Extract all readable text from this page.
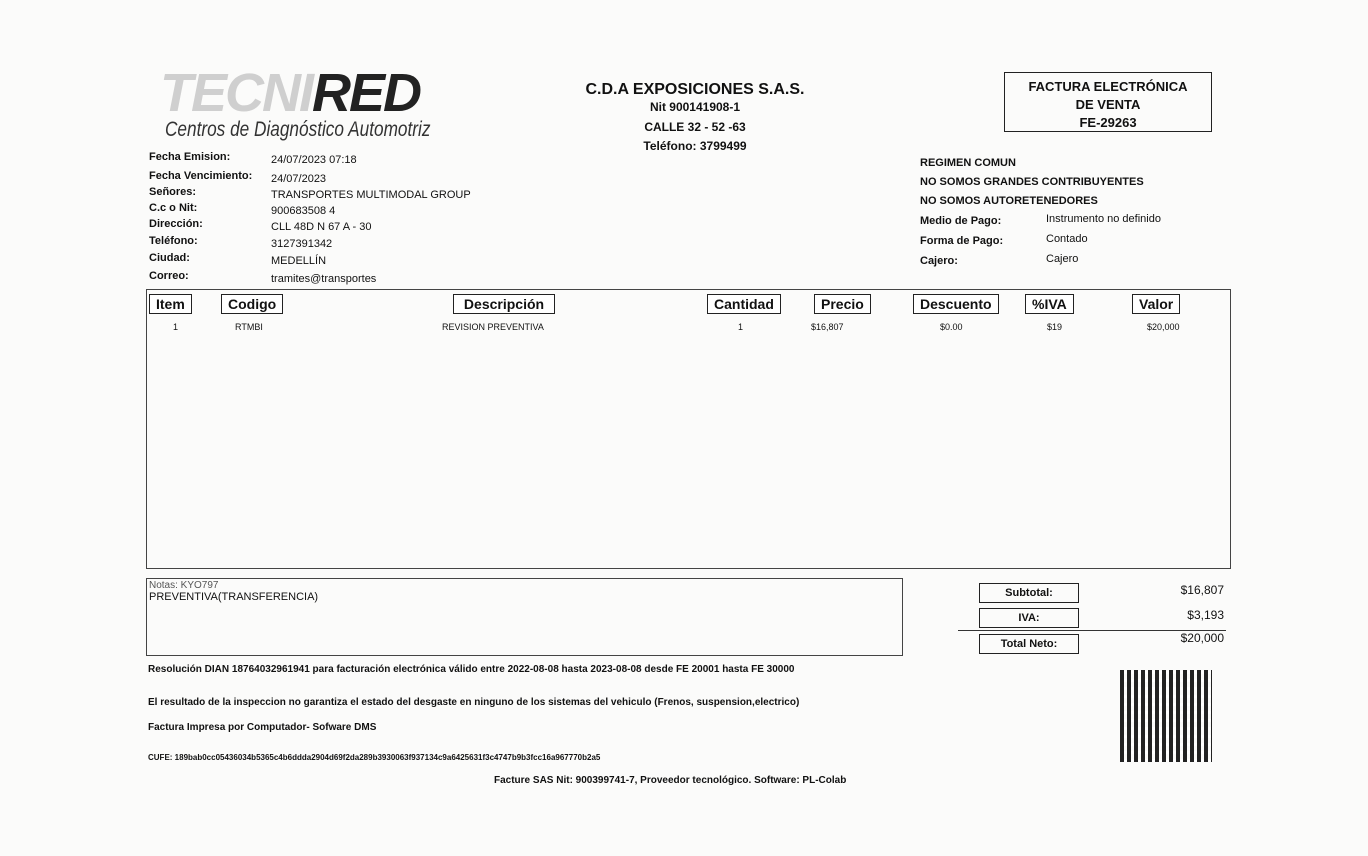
TECNIRED
Centros de Diagnóstico Automotriz
C.D.A EXPOSICIONES S.A.S.
Nit 900141908-1
CALLE 32 - 52 -63
Teléfono: 3799499
FACTURA ELECTRÓNICA
DE VENTA
FE-29263
Fecha Emision:	24/07/2023 07:18
Fecha Vencimiento: 24/07/2023
Señores:	TRANSPORTES MULTIMODAL GROUP
C.c o Nit:	900683508 4
Dirección:	CLL 48D N 67 A - 30
Teléfono:	3127391342
Ciudad:	MEDELLÍN
Correo:	tramites@transportes
REGIMEN COMUN
NO SOMOS GRANDES CONTRIBUYENTES
NO SOMOS AUTORETENEDORES
Medio de Pago:	Instrumento no definido
Forma de Pago:	Contado
Cajero:	Cajero
Item	Codigo	Descripción	Cantidad	Precio	Descuento	%IVA	Valor
1	RTMBI	REVISION PREVENTIVA	1	$16,807	$0.00	$19	$20,000
Notas: KYO797
PREVENTIVA(TRANSFERENCIA)	Subtotal:	$16,807
IVA:	$3,193
Total Neto:	$20,000
Resolución DIAN 18764032961941 para facturación electrónica válido entre 2022-08-08 hasta 2023-08-08 desde FE 20001 hasta FE 30000
El resultado de la inspeccion no garantiza el estado del desgaste en ninguno de los sistemas del vehiculo (Frenos, suspension,electrico)
Factura Impresa por Computador- Sofware DMS
CUFE: 189bab0cc05436034b5365c4b6ddda2904d69f2da289b3930063f937134c9a6425631f3c4747b9b3fcc16a967770b2a5
Facture SAS Nit: 900399741-7, Proveedor tecnológico. Software: PL-Colab
